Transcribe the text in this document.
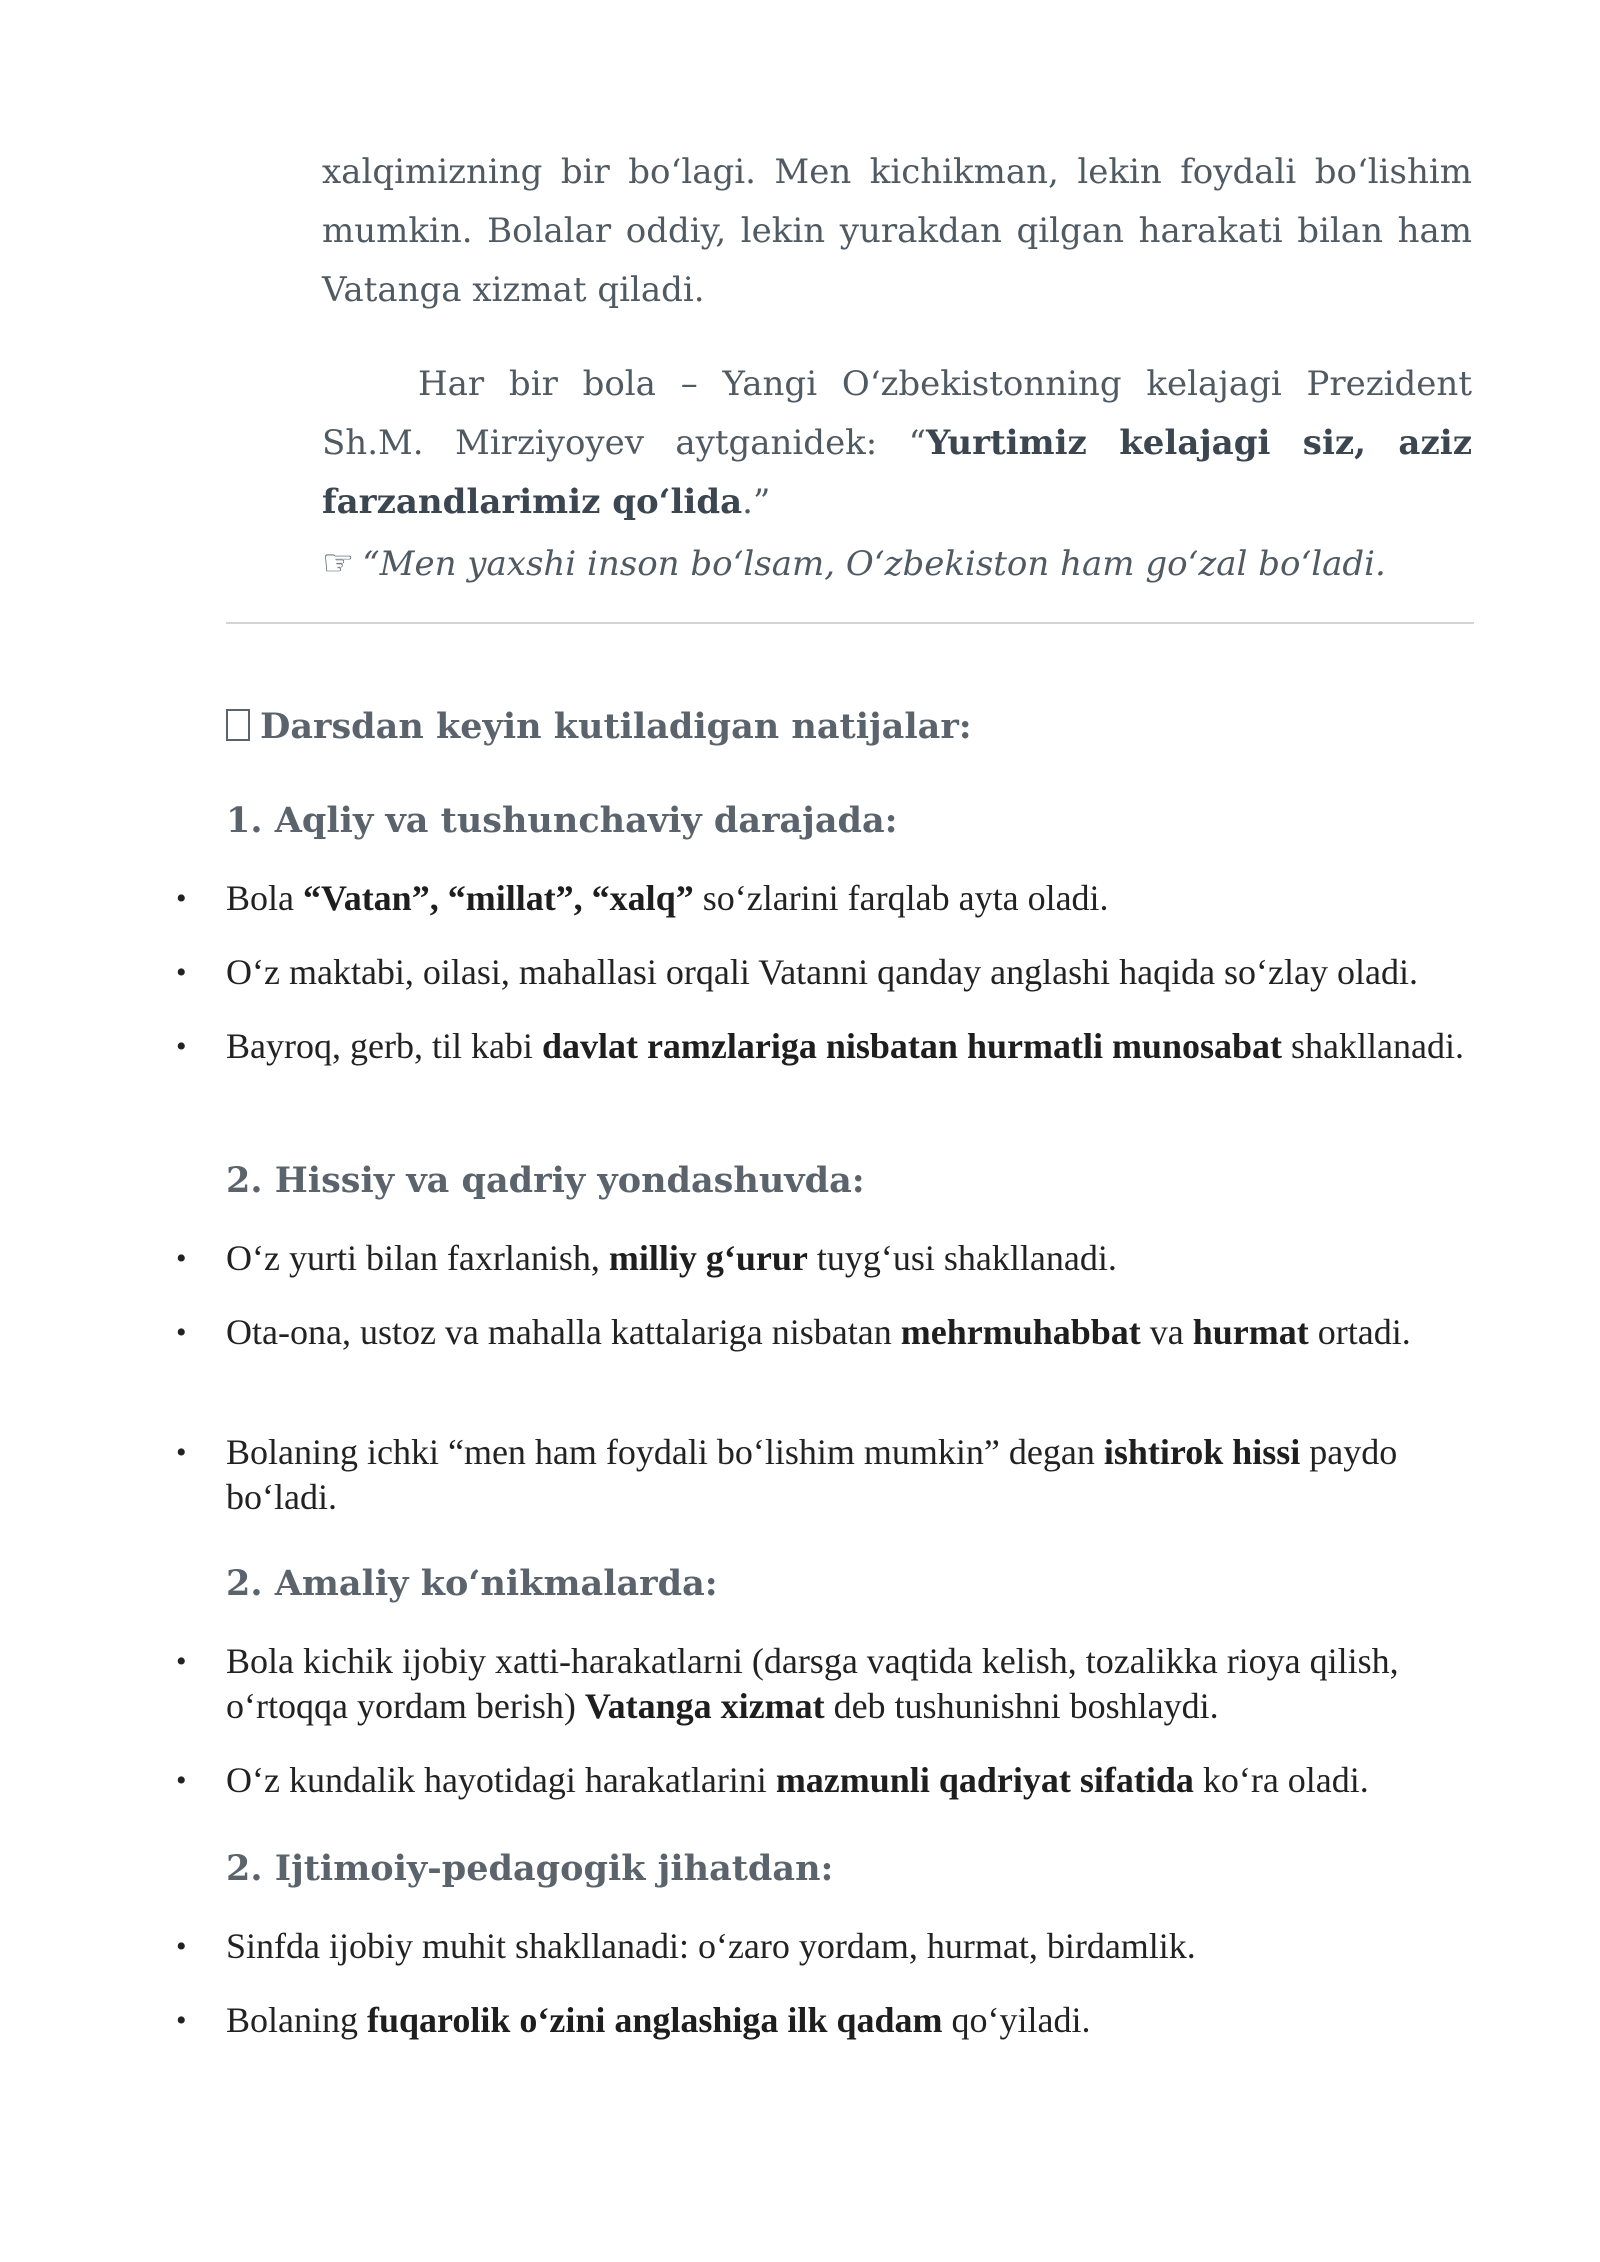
xalqimizning bir bo‘lagi. Men kichikman, lekin foydali bo‘lishim mumkin. Bolalar oddiy, lekin yurakdan qilgan harakati bilan ham Vatanga xizmat qiladi.

Har bir bola – Yangi O‘zbekistonning kelajagi Prezident Sh.M. Mirziyoyev aytganidek: “Yurtimiz kelajagi siz, aziz farzandlarimiz qo‘lida.”

☞ “Men yaxshi inson bo‘lsam, O‘zbekiston ham go‘zal bo‘ladi.
Darsdan keyin kutiladigan natijalar:
1. Aqliy va tushunchaviy darajada:
•	Bola “Vatan”, “millat”, “xalq” so‘zlarini farqlab ayta oladi.
•	O‘z maktabi, oilasi, mahallasi orqali Vatanni qanday anglashi haqida so‘zlay oladi.
•	Bayroq, gerb, til kabi davlat ramzlariga nisbatan hurmatli munosabat shakllanadi.
2. Hissiy va qadriy yondashuvda:
•	O‘z yurti bilan faxrlanish, milliy g‘urur tuyg‘usi shakllanadi.
•	Ota-ona, ustoz va mahalla kattalariga nisbatan mehrmuhabbat va hurmat ortadi.
•	Bolaning ichki “men ham foydali bo‘lishim mumkin” degan ishtirok hissi paydo bo‘ladi.
2. Amaliy ko‘nikmalarda:
•	Bola kichik ijobiy xatti-harakatlarni (darsga vaqtida kelish, tozalikka rioya qilish, o‘rtoqqa yordam berish) Vatanga xizmat deb tushunishni boshlaydi.
•	O‘z kundalik hayotidagi harakatlarini mazmunli qadriyat sifatida ko‘ra oladi.
2. Ijtimoiy-pedagogik jihatdan:
•	Sinfda ijobiy muhit shakllanadi: o‘zaro yordam, hurmat, birdamlik.
•	Bolaning fuqarolik o‘zini anglashiga ilk qadam qo‘yiladi.
